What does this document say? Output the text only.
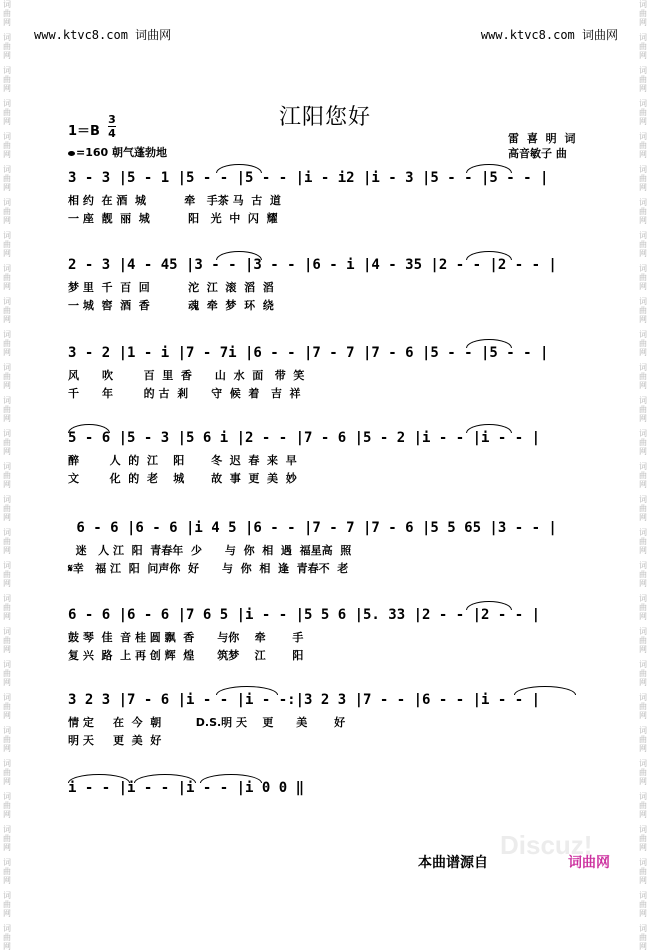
词曲网
词曲网
词曲网
词曲网
词曲网
词曲网
词曲网
词曲网
词曲网
词曲网
词曲网
词曲网
词曲网
词曲网
词曲网
词曲网
词曲网
词曲网
词曲网
词曲网
词曲网
词曲网
词曲网
词曲网
词曲网
词曲网
词曲网
词曲网
词曲网
词曲网
词曲网
词曲网
词曲网
词曲网
词曲网
词曲网
词曲网
词曲网
词曲网
词曲网
词曲网
词曲网
词曲网
词曲网
词曲网
词曲网
词曲网
词曲网
词曲网
词曲网
词曲网
词曲网
词曲网
词曲网
词曲网
词曲网
词曲网
词曲网
www.ktvc8.com 词曲网	www.ktvc8.com 词曲网
江阳您好
1＝B
3
4
=160 朝气蓬勃地
雷 喜 明 词
高音敏子 曲
3 - 3 |5 - 1 |5 - - |5 - - |i - i2 |i - 3 |5 - - |5 - - |
相 约  在 酒  城          牵   手茶 马  古  道
一 座  靓  丽  城          阳   光  中  闪  耀
2 - 3 |4 - 45 |3 - - |3 - - |6 - i |4 - 35 |2 - - |2 - - |
梦 里  千  百  回          沱  江  滚  滔  滔
一 城  窖  酒  香          魂  牵  梦  环  绕
3 - 2 |1 - i |7 - 7i |6 - - |7 - 7 |7 - 6 |5 - - |5 - - |
风      吹        百  里  香      山  水  面   带  笑
千      年        的 古  剎      守  候  着   吉  祥
5 - 6 |5 - 3 |5 6 i |2 - - |7 - 6 |5 - 2 |i - - |i - - |
醉        人  的  江    阳       冬  迟  春  来  早
文        化  的  老    城       故  事  更  美  妙
6 - 6 |6 - 6 |i 4 5 |6 - - |7 - 7 |7 - 6 |5 5 65 |3 - - |
迷   人 江  阳  青春年  少      与  你  相  遇  福星高  照
𝄋幸   福 江  阳  问声你  好      与  你  相  逢  青春不  老
6 - 6 |6 - 6 |7 6 5 |i - - |5 5 6 |5. 33 |2 - - |2 - - |
鼓 琴  佳  音 桂 圆 飘  香      与你    牵       手
复 兴  路  上 再 创 辉  煌      筑梦    江       阳
3 2 3 |7 - 6 |i - - |i - -:|3 2 3 |7 - - |6 - - |i - - |
情 定     在  今  朝         D.S.明 天    更      美       好
明 天     更  美  好
i - - |i - - |i - - |i 0 0 ‖
Discuz!
本曲谱源自	词曲网
